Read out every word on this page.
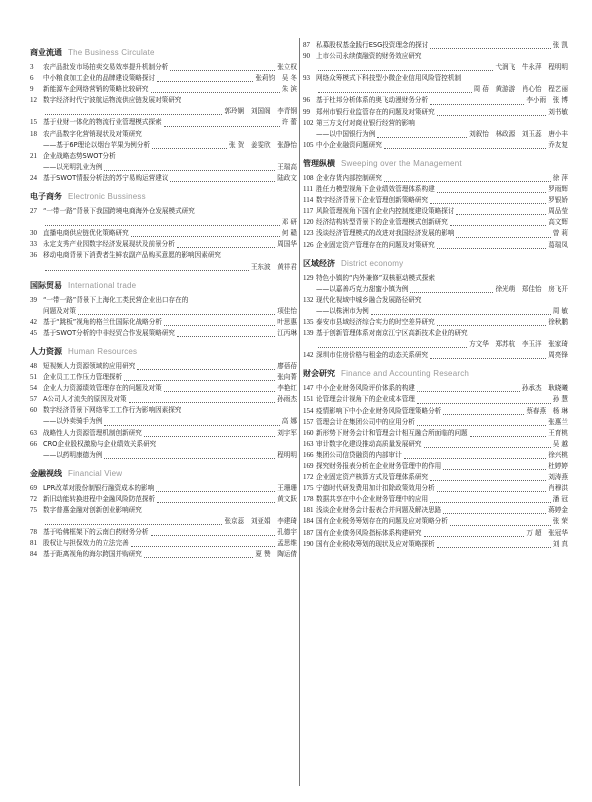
商业流通 The Business Circulate
3	农产品批发市场拍卖交易效率提升机制分析	张立权
6	中小粮食加工企业的品牌建设策略探讨	张莉钧　吴 冬
9	新能源车企网络营销的策略比较研究	朱 滨
12 数字经济时代宁波航运物流供应链发展对策研究
郭玲娴　刘国阁　李青钢
15 基于业财一体化的物流行业管理模式探索	许 蕾
18 农产品数字化营销现状及对策研究
——基于6P理论以烟台苹果为例分析	张 贺　姜雯欣　张静怡
21 企业战略态势SWOT分析
——以光明乳业为例	王瑞高
24 基于SWOT情报分析法的苏宁易购运营建议	陆政文
电子商务 Electronic Bussiness
27 “一带一路”背景下我国跨境电商海外仓发展模式研究
邓 研
30 直播电商供应链优化策略研究	何 赣
33 永定支秀产业园数字经济发展现状及前景分析	周国华
36 移动电商背景下消费者生鲜农副产品购买意愿的影响因素研究
王东波　黄祥君
国际贸易 International trade
39 “一带一路”背景下上海化工类民营企业出口存在的
问题及对策	项佳怡
42 基于“跳板”视角的格兰仕国际化战略分析	叶思惠
45 基于SWOT分析的中非经贸合作发展策略研究	江丙琳
人力资源 Human Resources
48 短视频人力资源领域的应用研究	廖蓓蓓
51 企业员工工作压力管理探析	张向菁
54 企业人力资源绩效管理存在的问题及对策	李艳红
57 A公司人才流失的原因及对策	孙雨杰
60 数字经济背景下网络零工工作行为影响因素探究
——以外卖骑手为例	高 娜
63 战略性人力资源管理机制创新研究	刘宇军
66 CRO企业股权激励与企业绩效关系研究
——以药明康德为例	程明明
金融视线 Financial View
69 LPR改革对股份制银行融资成本的影响	王珊珊
72 新旧动能转换进程中金融风险防范探析	黄文跃
75 数字普惠金融对创新创业影响研究
张京蕊　刘亚娟　李建琦
78 基于哈佛框架下的云南白药财务分析	孔德宇
81 股权让与担保效力的立法完善	孟思维
84 基于距离视角的海尔跨国并购研究	夏 赞　陶运倩
87 私募股权基金践行ESG投资理念的探讨	张 凯
90 上市公司永续债融资的财务效应研究
弋润飞　牛永萍　程明明
93 网络众筹模式下科技型小微企业信用风险管控机制
周 蓓　黄游游　肖心怡　程艺丽
96 基于杜邦分析体系的奥飞动漫财务分析	李小雨　张 博
99 郑州市银行业监管存在的问题及对策研究	刘书敏
102 第三方支付对商业银行经营的影响
——以中国银行为例	刘叙怡　林政源　刘玉蕊　唐小丰
105 中小企业融资问题研究	乔友复
管理纵横 Sweeping over the Management
108 企业存货内部控制研究	徐 萍
111 胜任力模型视角下企业绩效管理体系构建	罗雨辉
114 数字经济背景下企业管理创新策略研究	罗银娇
117 风险管理视角下国有企业内控制度建设策略探讨	周品莹
120 经济结构转型背景下的企业管理模式创新研究	高文辉
123 浅谈经济管理模式的改进对我国经济发展的影响	曾 莉
126 企业固定资产管理存在的问题及对策研究	葛瑞凤
区域经济 District economy
129 特色小镇的“内外兼修”双核驱动模式探索
——以嘉善巧克力甜蜜小镇为例	徐光萌　郑佳怡　房飞开
132 现代化视域中城乡融合发展路径研究
——以株洲市为例	周 敏
135 泰安市县域经济综合实力的时空差异研究	徐秋鹏
139 基于创新管理体系对南京江宁区高新技术企业的研究
方文华　郑苏杭　李玉洋　张家琦
142 深圳市住房价格与租金的动态关系研究	周亮锋
财会研究 Finance and Accounting Research
147 中小企业财务风险评价体系的构建	孙承杰　耿晓曦
151 论管理会计视角下的企业成本管理	孙 慧
154 疫情影响下中小企业财务风险管理策略分析	蔡春燕　杨 琳
157 管理会计在集团公司中的应用分析	张惠兰
160 新形势下财务会计和管理会计相互融合所面临的问题	王育桃
163 审计数字化建设推动高质量发展研究	吴 越
166 集团公司信贷融资的内部审计	徐兴桃
169 探究财务报表分析在企业财务管理中的作用	杜婷婷
172 企业固定资产核算方式及管理体系研究	刘涛燕
175 宁德时代研发费用加计扣除政策效用分析	肖穆洪
178 数据共享在中小企业财务管理中的应用	潘 冠
181 浅谈企业财务会计报表合并问题及解决思路	蒋婷金
184 国有企业税务筹划存在的问题及应对策略分析	张 荣
187 国有企业债务风险指标体系构建研究	万 超　张冠华
190 国有企业税收筹划的现状及应对策略探析	刘 真
